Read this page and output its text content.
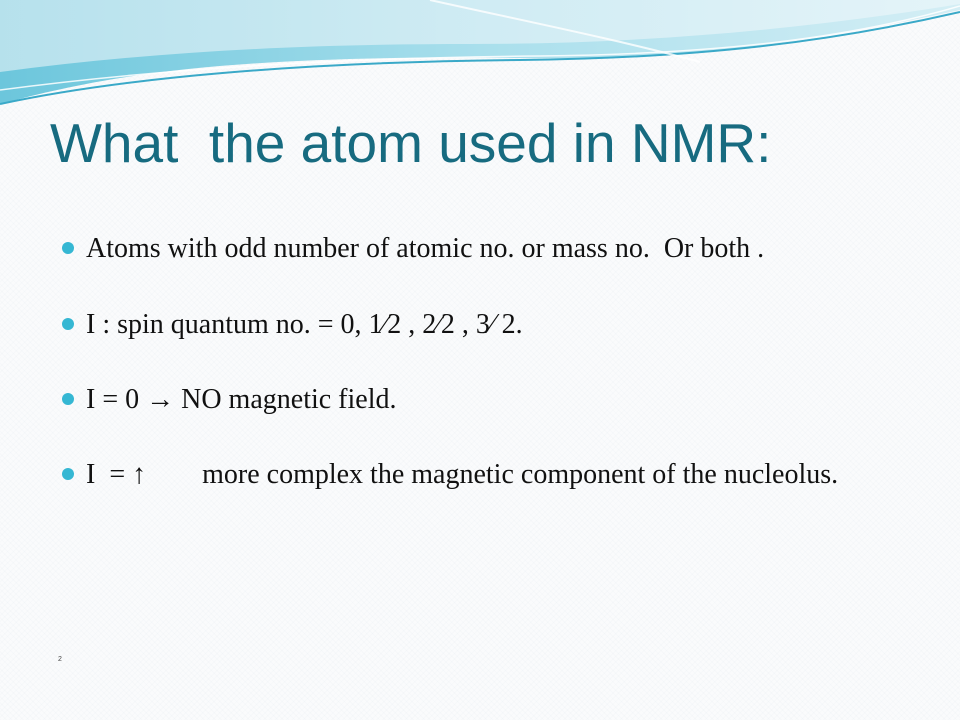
What  the atom used in NMR:
Atoms with odd number of atomic no. or mass no.  Or both .
I : spin quantum no. = 0, 1⁄2 , 2⁄2 , 3⁄ 2.
I = 0 → NO magnetic field.
I  = ↑        more complex the magnetic component of the nucleolus.
2
